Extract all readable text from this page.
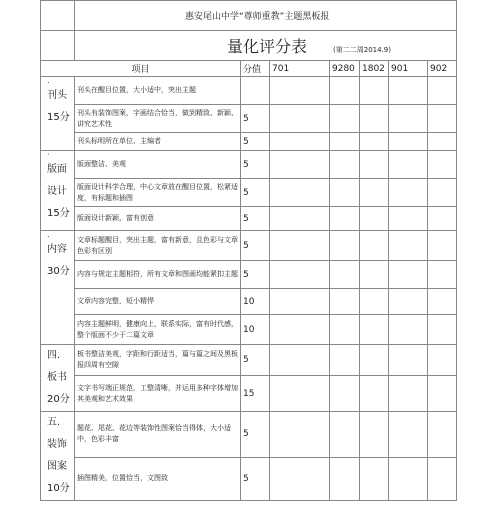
	惠安尾山中学“尊师重教”主题黑板报						
	量化评分表 (第二二周2014.9)						
项目		分值	701	9280	1802	901	902

.
刊头
15分	刊头在醒目位置，大小适中，突出主题						
	刊头有装饰图案，字画结合恰当，做到精致、新颖、讲究艺术性	5					
	刊头标明所在单位、主编者	5					

·
版面
设计
15分	版面整洁、美观	5					
	版面设计科学合理，中心文章放在醒目位置，松紧适度，有标题和插图	5					
	版面设计新颖，富有创意	5					

.
内容
30分	文章标题醒目，突出主题，富有新意，且色彩与文章色彩有区别	5					
	内容与规定主题相符，所有文章和图画均能紧扣主题	5					
	文章内容完整，短小精悍	10					
	内容主题鲜明，健康向上，联系实际，富有时代感，整个版面不少于二篇文章	10					

四.
板书
20分	板书整洁美观，字距和行距适当，篇与篇之间及黑板报四周有空隙	5					
	文字书写端正规范，工整清晰，并运用多种字体增加其美观和艺术效果	15					

五.
装饰
图案
10分	题花、尾花、花边等装饰性图案恰当得体，大小适中，色彩丰富	5					
	插图精美，位置恰当，文图致	5					
